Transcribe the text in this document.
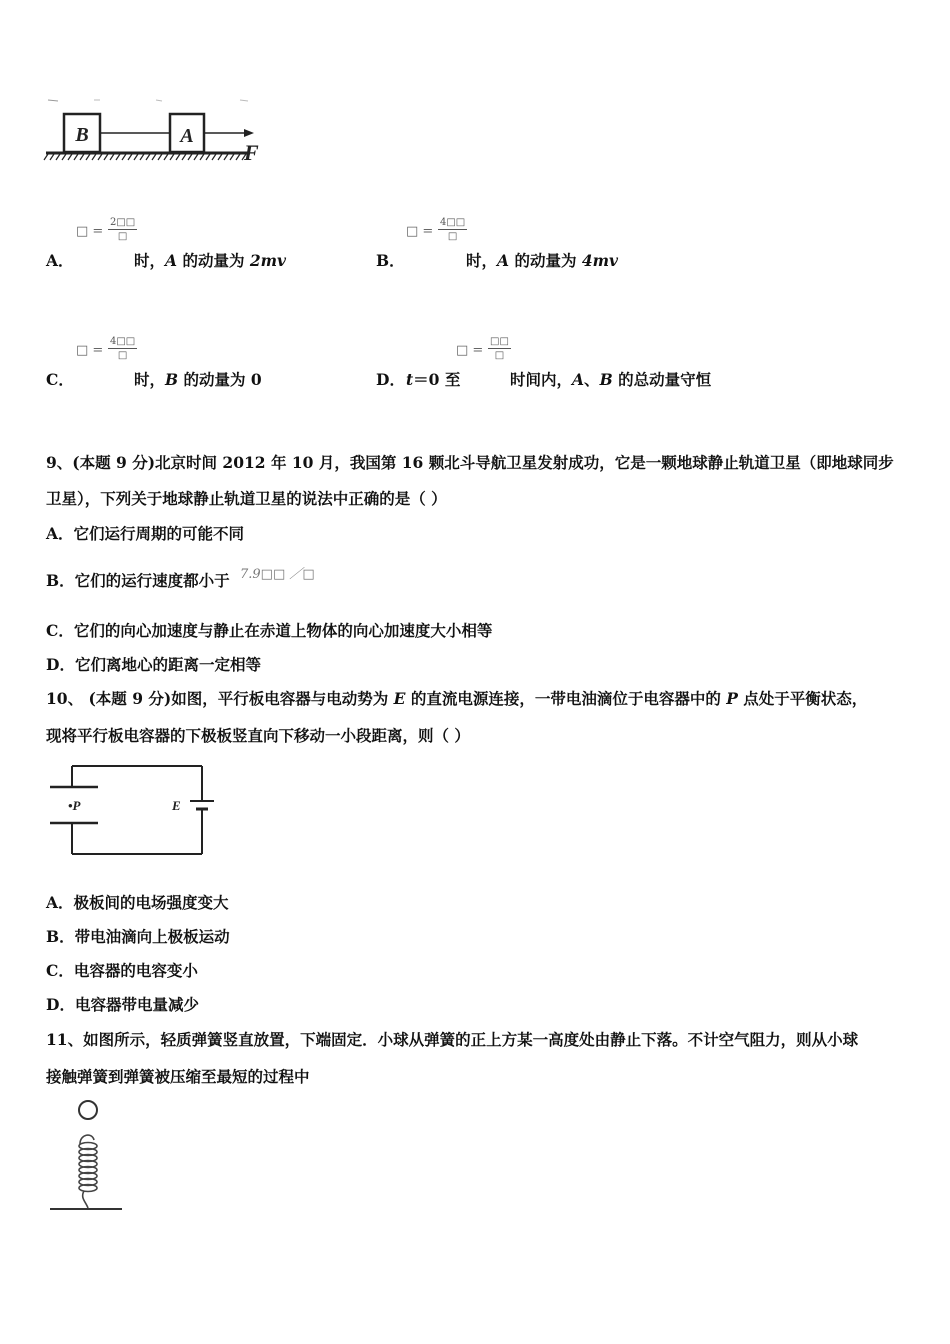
B	A
F
□ =
2□□
□
A．	时，A 的动量为 2mv
□ =
4□□
□
B．	时，A 的动量为 4mv
□ =
4□□
□
C．	时，B 的动量为 0	D． t＝0 至
□ =
□□
□
时间内，A、B 的总动量守恒
9、(本题 9 分)北京时间 2012 年 10 月，我国第 16 颗北斗导航卫星发射成功，它是一颗地球静止轨道卫星（即地球同步
卫星），下列关于地球静止轨道卫星的说法中正确的是（ ）
A．它们运行周期的可能不同
B．它们的运行速度都小于 7.9□□ ／□
C．它们的向心加速度与静止在赤道上物体的向心加速度大小相等
D．它们离地心的距离一定相等
10、 (本题 9 分)如图，平行板电容器与电动势为 E 的直流电源连接，一带电油滴位于电容器中的 P 点处于平衡状态，
现将平行板电容器的下极板竖直向下移动一小段距离，则（ ）
•P	E
A．极板间的电场强度变大
B．带电油滴向上极板运动
C．电容器的电容变小
D．电容器带电量减少
11、如图所示，轻质弹簧竖直放置，下端固定．小球从弹簧的正上方某一高度处由静止下落。不计空气阻力，则从小球
接触弹簧到弹簧被压缩至最短的过程中
